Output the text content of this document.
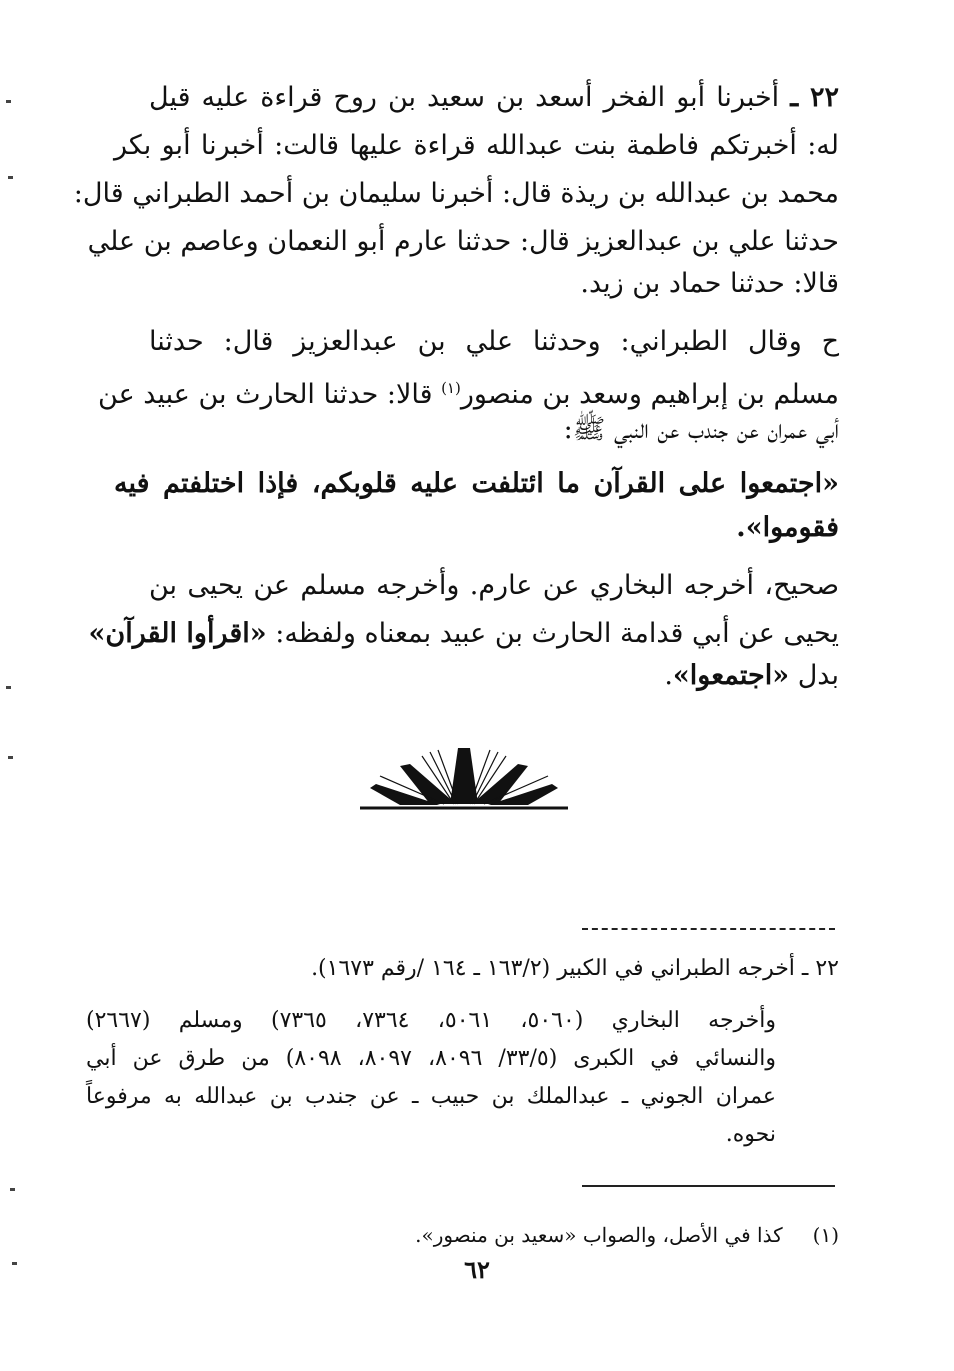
٢٢ ـ أخبرنا أبو الفخر أسعد بن سعيد بن روح قراءة عليه قيل

له: أخبرتكم فاطمة بنت عبدالله قراءة عليها قالت: أخبرنا أبو بكر

محمد بن عبدالله بن ريذة قال: أخبرنا سليمان بن أحمد الطبراني قال:

حدثنا علي بن عبدالعزيز قال: حدثنا عارم أبو النعمان وعاصم بن علي

قالا: حدثنا حماد بن زيد.

ح وقال الطبراني: وحدثنا علي بن عبدالعزيز قال: حدثنا

مسلم بن إبراهيم وسعد بن منصور$^{(١)}$ قالا: حدثنا الحارث بن عبيد عن

أبي عمران عن جندب عن النبي ﷺ:

«اجتمعوا على القرآن ما ائتلفت عليه قلوبكم، فإذا اختلفتم فيه

فقوموا».

صحيح، أخرجه البخاري عن عارم. وأخرجه مسلم عن يحيى بن

يحيى عن أبي قدامة الحارث بن عبيد بمعناه ولفظه: «اقرأوا القرآن»

بدل «اجتمعوا».

٢٢ ـ أخرجه الطبراني في الكبير (١٦٣/٢ ـ ١٦٤ /رقم ١٦٧٣).

وأخرجه البخاري (٥٠٦٠، ٥٠٦١، ٧٣٦٤، ٧٣٦٥) ومسلم (٢٦٦٧)

والنسائي في الكبرى (٣٣/٥/ ٨٠٩٦، ٨٠٩٧، ٨٠٩٨) من طرق عن أبي

عمران الجوني ـ عبدالملك بن حبيب ـ عن جندب بن عبدالله به مرفوعاً

نحوه.

(١)كذا في الأصل، والصواب «سعيد بن منصور».

٦٢
